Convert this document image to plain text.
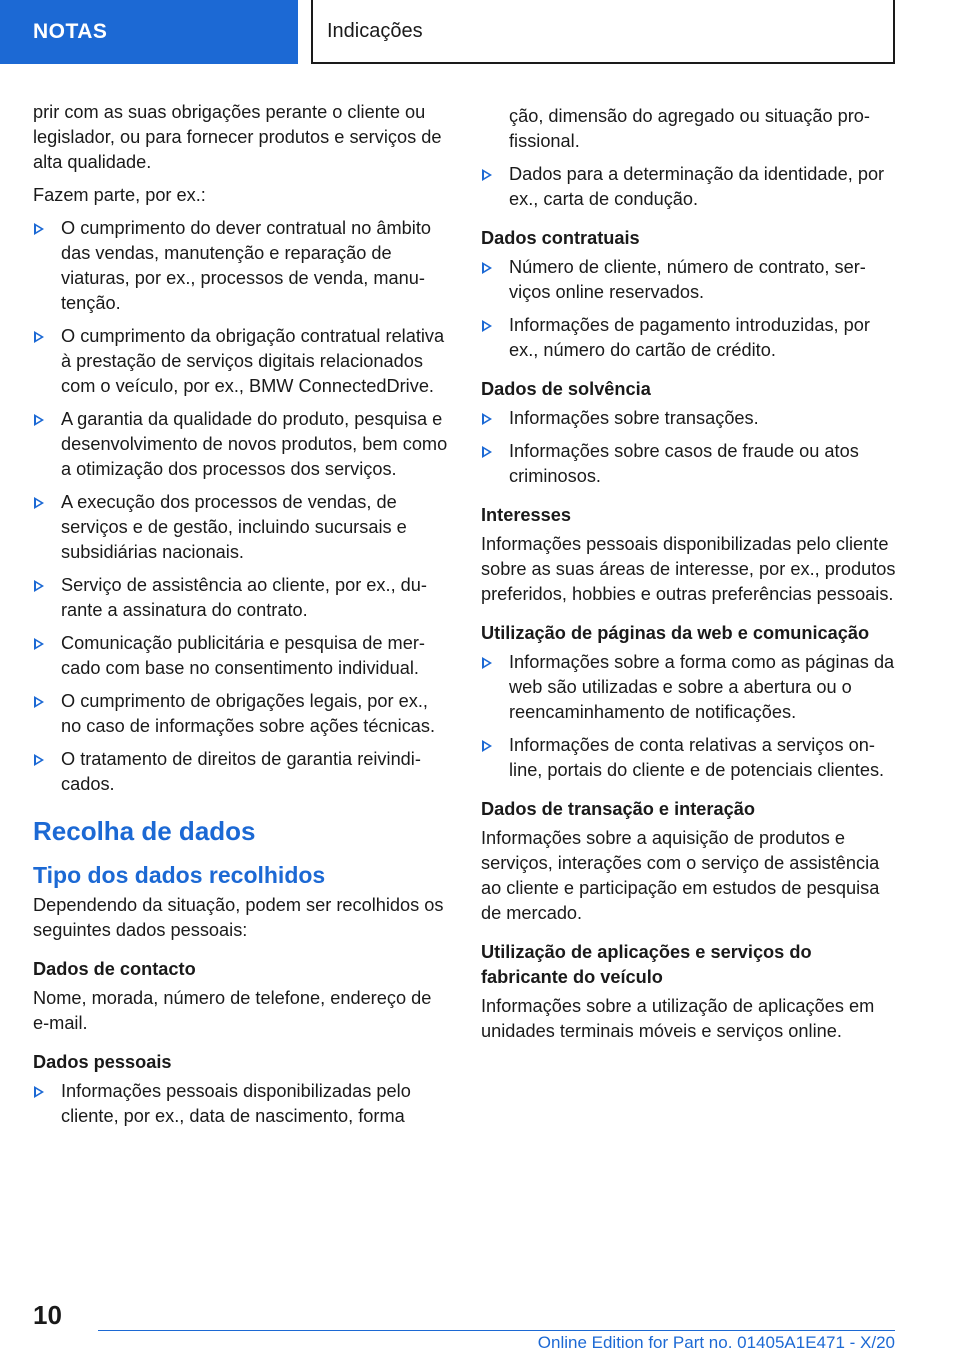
NOTAS	Indicações

prir com as suas obrigações perante o cliente ou legislador, ou para fornecer produtos e serviços de alta qualidade.

Fazem parte, por ex.:

O cumprimento do dever contratual no âmbito das vendas, manutenção e reparação de viaturas, por ex., processos de venda, manutenção.
O cumprimento da obrigação contratual relativa à prestação de serviços digitais relacionados com o veículo, por ex., BMW ConnectedDrive.
A garantia da qualidade do produto, pesquisa e desenvolvimento de novos produtos, bem como a otimização dos processos dos serviços.
A execução dos processos de vendas, de serviços e de gestão, incluindo sucursais e subsidiárias nacionais.
Serviço de assistência ao cliente, por ex., durante a assinatura do contrato.
Comunicação publicitária e pesquisa de mercado com base no consentimento individual.
O cumprimento de obrigações legais, por ex., no caso de informações sobre ações técnicas.
O tratamento de direitos de garantia reivindicados.
Recolha de dados
Tipo dos dados recolhidos

Dependendo da situação, podem ser recolhidos os seguintes dados pessoais:

Dados de contacto

Nome, morada, número de telefone, endereço de e-mail.

Dados pessoais
Informações pessoais disponibilizadas pelo cliente, por ex., data de nascimento, forma

ção, dimensão do agregado ou situação profissional.

Dados para a determinação da identidade, por ex., carta de condução.
Dados contratuais
Número de cliente, número de contrato, serviços online reservados.
Informações de pagamento introduzidas, por ex., número do cartão de crédito.
Dados de solvência
Informações sobre transações.
Informações sobre casos de fraude ou atos criminosos.
Interesses

Informações pessoais disponibilizadas pelo cliente sobre as suas áreas de interesse, por ex., produtos preferidos, hobbies e outras preferências pessoais.

Utilização de páginas da web e comunicação
Informações sobre a forma como as páginas da web são utilizadas e sobre a abertura ou o reencaminhamento de notificações.
Informações de conta relativas a serviços online, portais do cliente e de potenciais clientes.
Dados de transação e interação

Informações sobre a aquisição de produtos e serviços, interações com o serviço de assistência ao cliente e participação em estudos de pesquisa de mercado.

Utilização de aplicações e serviços do fabricante do veículo

Informações sobre a utilização de aplicações em unidades terminais móveis e serviços online.

10
Online Edition for Part no. 01405A1E471 - X/20
